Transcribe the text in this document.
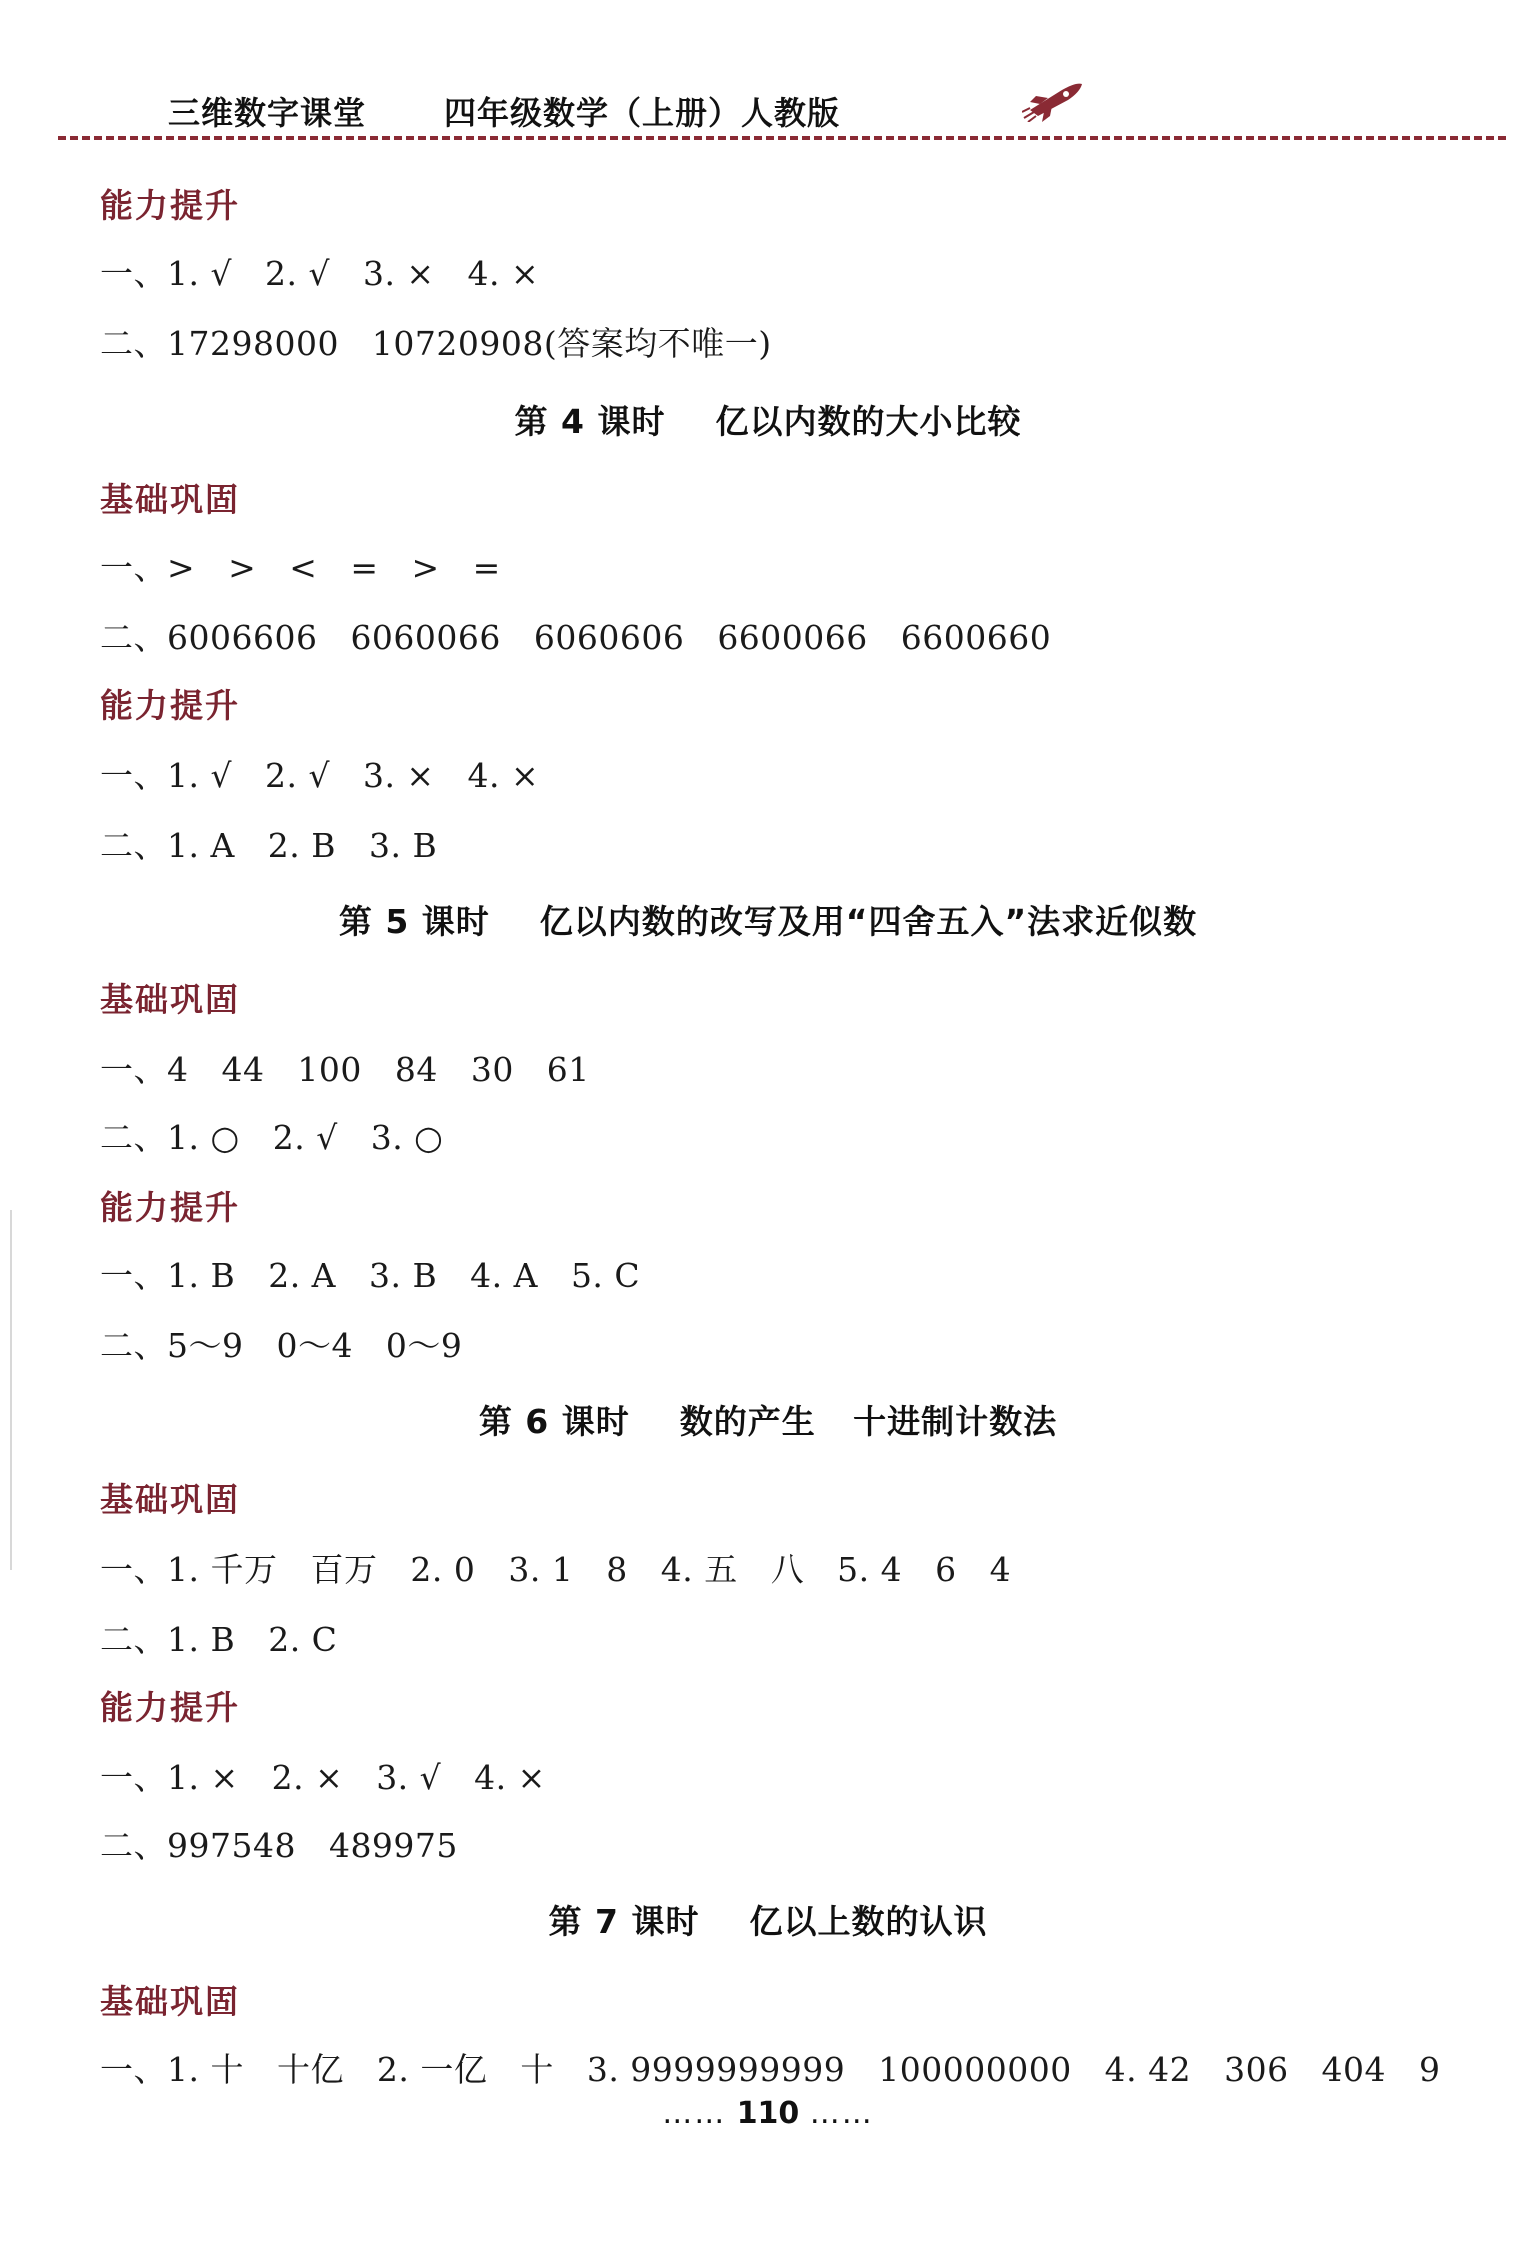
三维数字课堂 四年级数学（上册）人教版
能力提升
一、1. √   2. √   3. ×   4. ×
二、17298000   10720908(答案均不唯一)
第 4 课时    亿以内数的大小比较
基础巩固
一、>   >   <   =   >   =
二、6006606   6060066   6060606   6600066   6600660
能力提升
一、1. √   2. √   3. ×   4. ×
二、1. A   2. B   3. B
第 5 课时    亿以内数的改写及用“四舍五入”法求近似数
基础巩固
一、4   44   100   84   30   61
二、1. ○   2. √   3. ○
能力提升
一、1. B   2. A   3. B   4. A   5. C
二、5～9   0～4   0～9
第 6 课时    数的产生   十进制计数法
基础巩固
一、1. 千万   百万   2. 0   3. 1   8   4. 五   八   5. 4   6   4
二、1. B   2. C
能力提升
一、1. ×   2. ×   3. √   4. ×
二、997548   489975
第 7 课时    亿以上数的认识
基础巩固
一、1. 十   十亿   2. 一亿   十   3. 9999999999   100000000   4. 42   306   404   9
…… 110 ……
